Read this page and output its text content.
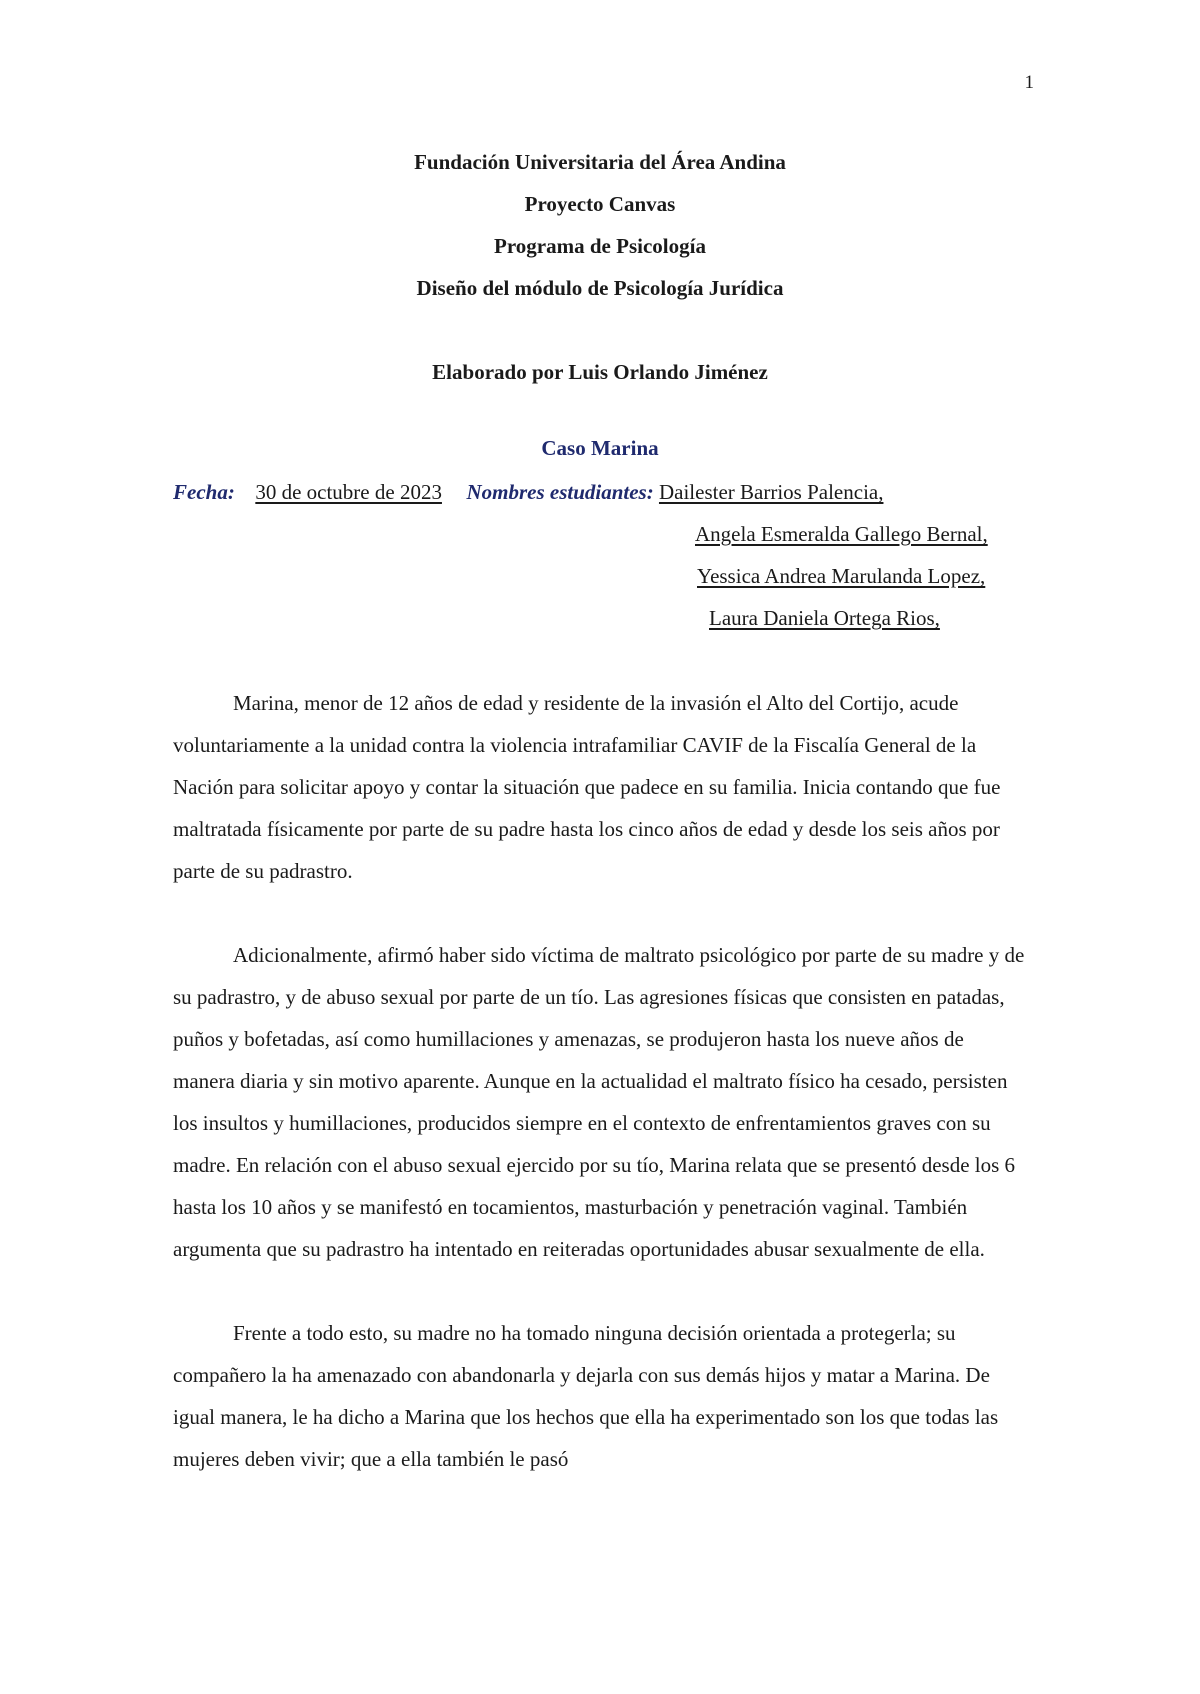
1
Fundación Universitaria del Área Andina
Proyecto Canvas
Programa de Psicología
Diseño del módulo de Psicología Jurídica
Elaborado por Luis Orlando Jiménez
Caso Marina
Fecha: 30 de octubre de 2023 Nombres estudiantes: Dailester Barrios Palencia,
Angela Esmeralda Gallego Bernal,
Yessica Andrea Marulanda Lopez,
Laura Daniela Ortega Rios,

Marina, menor de 12 años de edad y residente de la invasión el Alto del Cortijo, acude voluntariamente a la unidad contra la violencia intrafamiliar CAVIF de la Fiscalía General de la Nación para solicitar apoyo y contar la situación que padece en su familia. Inicia contando que fue maltratada físicamente por parte de su padre hasta los cinco años de edad y desde los seis años por parte de su padrastro.

Adicionalmente, afirmó haber sido víctima de maltrato psicológico por parte de su madre y de su padrastro, y de abuso sexual por parte de un tío. Las agresiones físicas que consisten en patadas, puños y bofetadas, así como humillaciones y amenazas, se produjeron hasta los nueve años de manera diaria y sin motivo aparente. Aunque en la actualidad el maltrato físico ha cesado, persisten los insultos y humillaciones, producidos siempre en el contexto de enfrentamientos graves con su madre. En relación con el abuso sexual ejercido por su tío, Marina relata que se presentó desde los 6 hasta los 10 años y se manifestó en tocamientos, masturbación y penetración vaginal. También argumenta que su padrastro ha intentado en reiteradas oportunidades abusar sexualmente de ella.

Frente a todo esto, su madre no ha tomado ninguna decisión orientada a protegerla; su compañero la ha amenazado con abandonarla y dejarla con sus demás hijos y matar a Marina. De igual manera, le ha dicho a Marina que los hechos que ella ha experimentado son los que todas las mujeres deben vivir; que a ella también le pasó
